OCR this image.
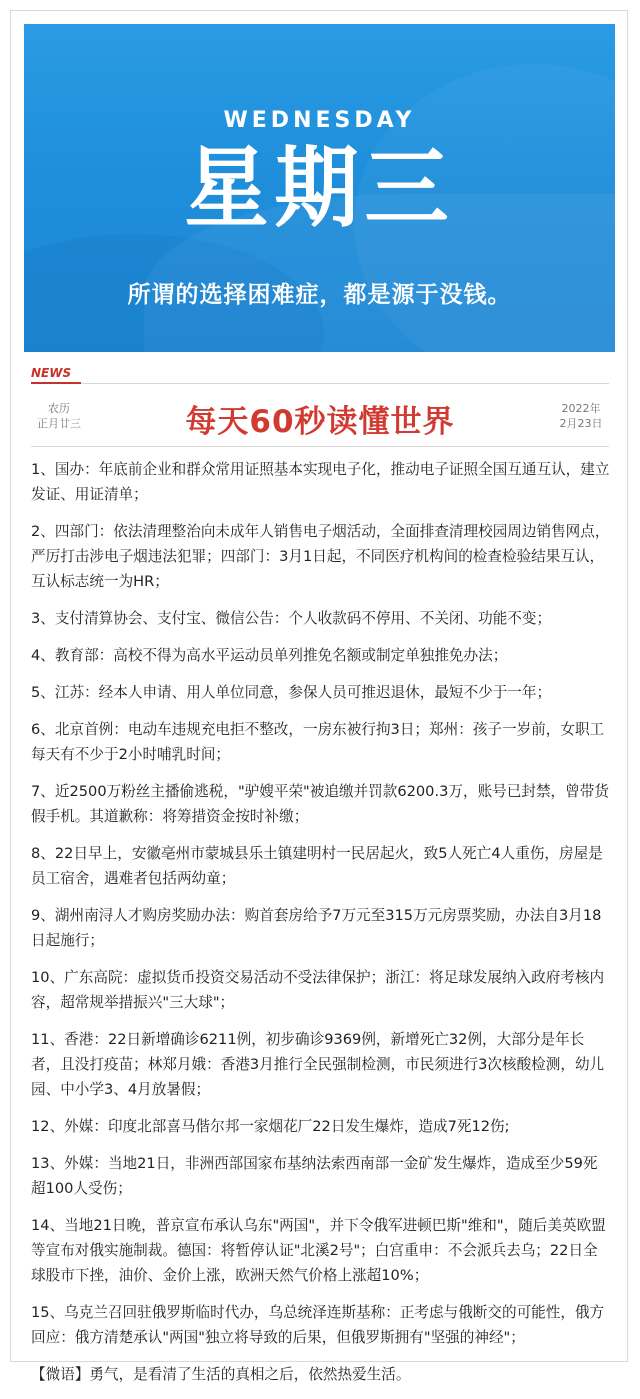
WEDNESDAY
星期三
所谓的选择困难症，都是源于没钱。
NEWS
农历
正月廿三	每天60秒读懂世界	2022年
2月23日
1、国办：年底前企业和群众常用证照基本实现电子化，推动电子证照全国互通互认，建立发证、用证清单；
2、四部门：依法清理整治向未成年人销售电子烟活动，全面排查清理校园周边销售网点，严厉打击涉电子烟违法犯罪；四部门：3月1日起，不同医疗机构间的检查检验结果互认，互认标志统一为HR；
3、支付清算协会、支付宝、微信公告：个人收款码不停用、不关闭、功能不变；
4、教育部：高校不得为高水平运动员单列推免名额或制定单独推免办法；
5、江苏：经本人申请、用人单位同意，参保人员可推迟退休，最短不少于一年；
6、北京首例：电动车违规充电拒不整改，一房东被行拘3日；郑州：孩子一岁前，女职工每天有不少于2小时哺乳时间；
7、近2500万粉丝主播偷逃税，"驴嫂平荣"被追缴并罚款6200.3万，账号已封禁，曾带货假手机。其道歉称：将筹措资金按时补缴；
8、22日早上，安徽亳州市蒙城县乐土镇建明村一民居起火，致5人死亡4人重伤，房屋是员工宿舍，遇难者包括两幼童；
9、湖州南浔人才购房奖励办法：购首套房给予7万元至315万元房票奖励，办法自3月18日起施行；
10、广东高院：虚拟货币投资交易活动不受法律保护；浙江：将足球发展纳入政府考核内容，超常规举措振兴"三大球"；
11、香港：22日新增确诊6211例，初步确诊9369例，新增死亡32例，大部分是年长者，且没打疫苗；林郑月娥：香港3月推行全民强制检测，市民须进行3次核酸检测，幼儿园、中小学3、4月放暑假；
12、外媒：印度北部喜马偕尔邦一家烟花厂22日发生爆炸，造成7死12伤;
13、外媒：当地21日，非洲西部国家布基纳法索西南部一金矿发生爆炸，造成至少59死超100人受伤；
14、当地21日晚，普京宣布承认乌东"两国"，并下令俄军进顿巴斯"维和"，随后美英欧盟等宣布对俄实施制裁。德国：将暂停认证"北溪2号"；白宫重申：不会派兵去乌；22日全球股市下挫，油价、金价上涨，欧洲天然气价格上涨超10%；
15、乌克兰召回驻俄罗斯临时代办，乌总统泽连斯基称：正考虑与俄断交的可能性，俄方回应：俄方清楚承认"两国"独立将导致的后果，但俄罗斯拥有"坚强的神经"；
【微语】勇气，是看清了生活的真相之后，依然热爱生活。
